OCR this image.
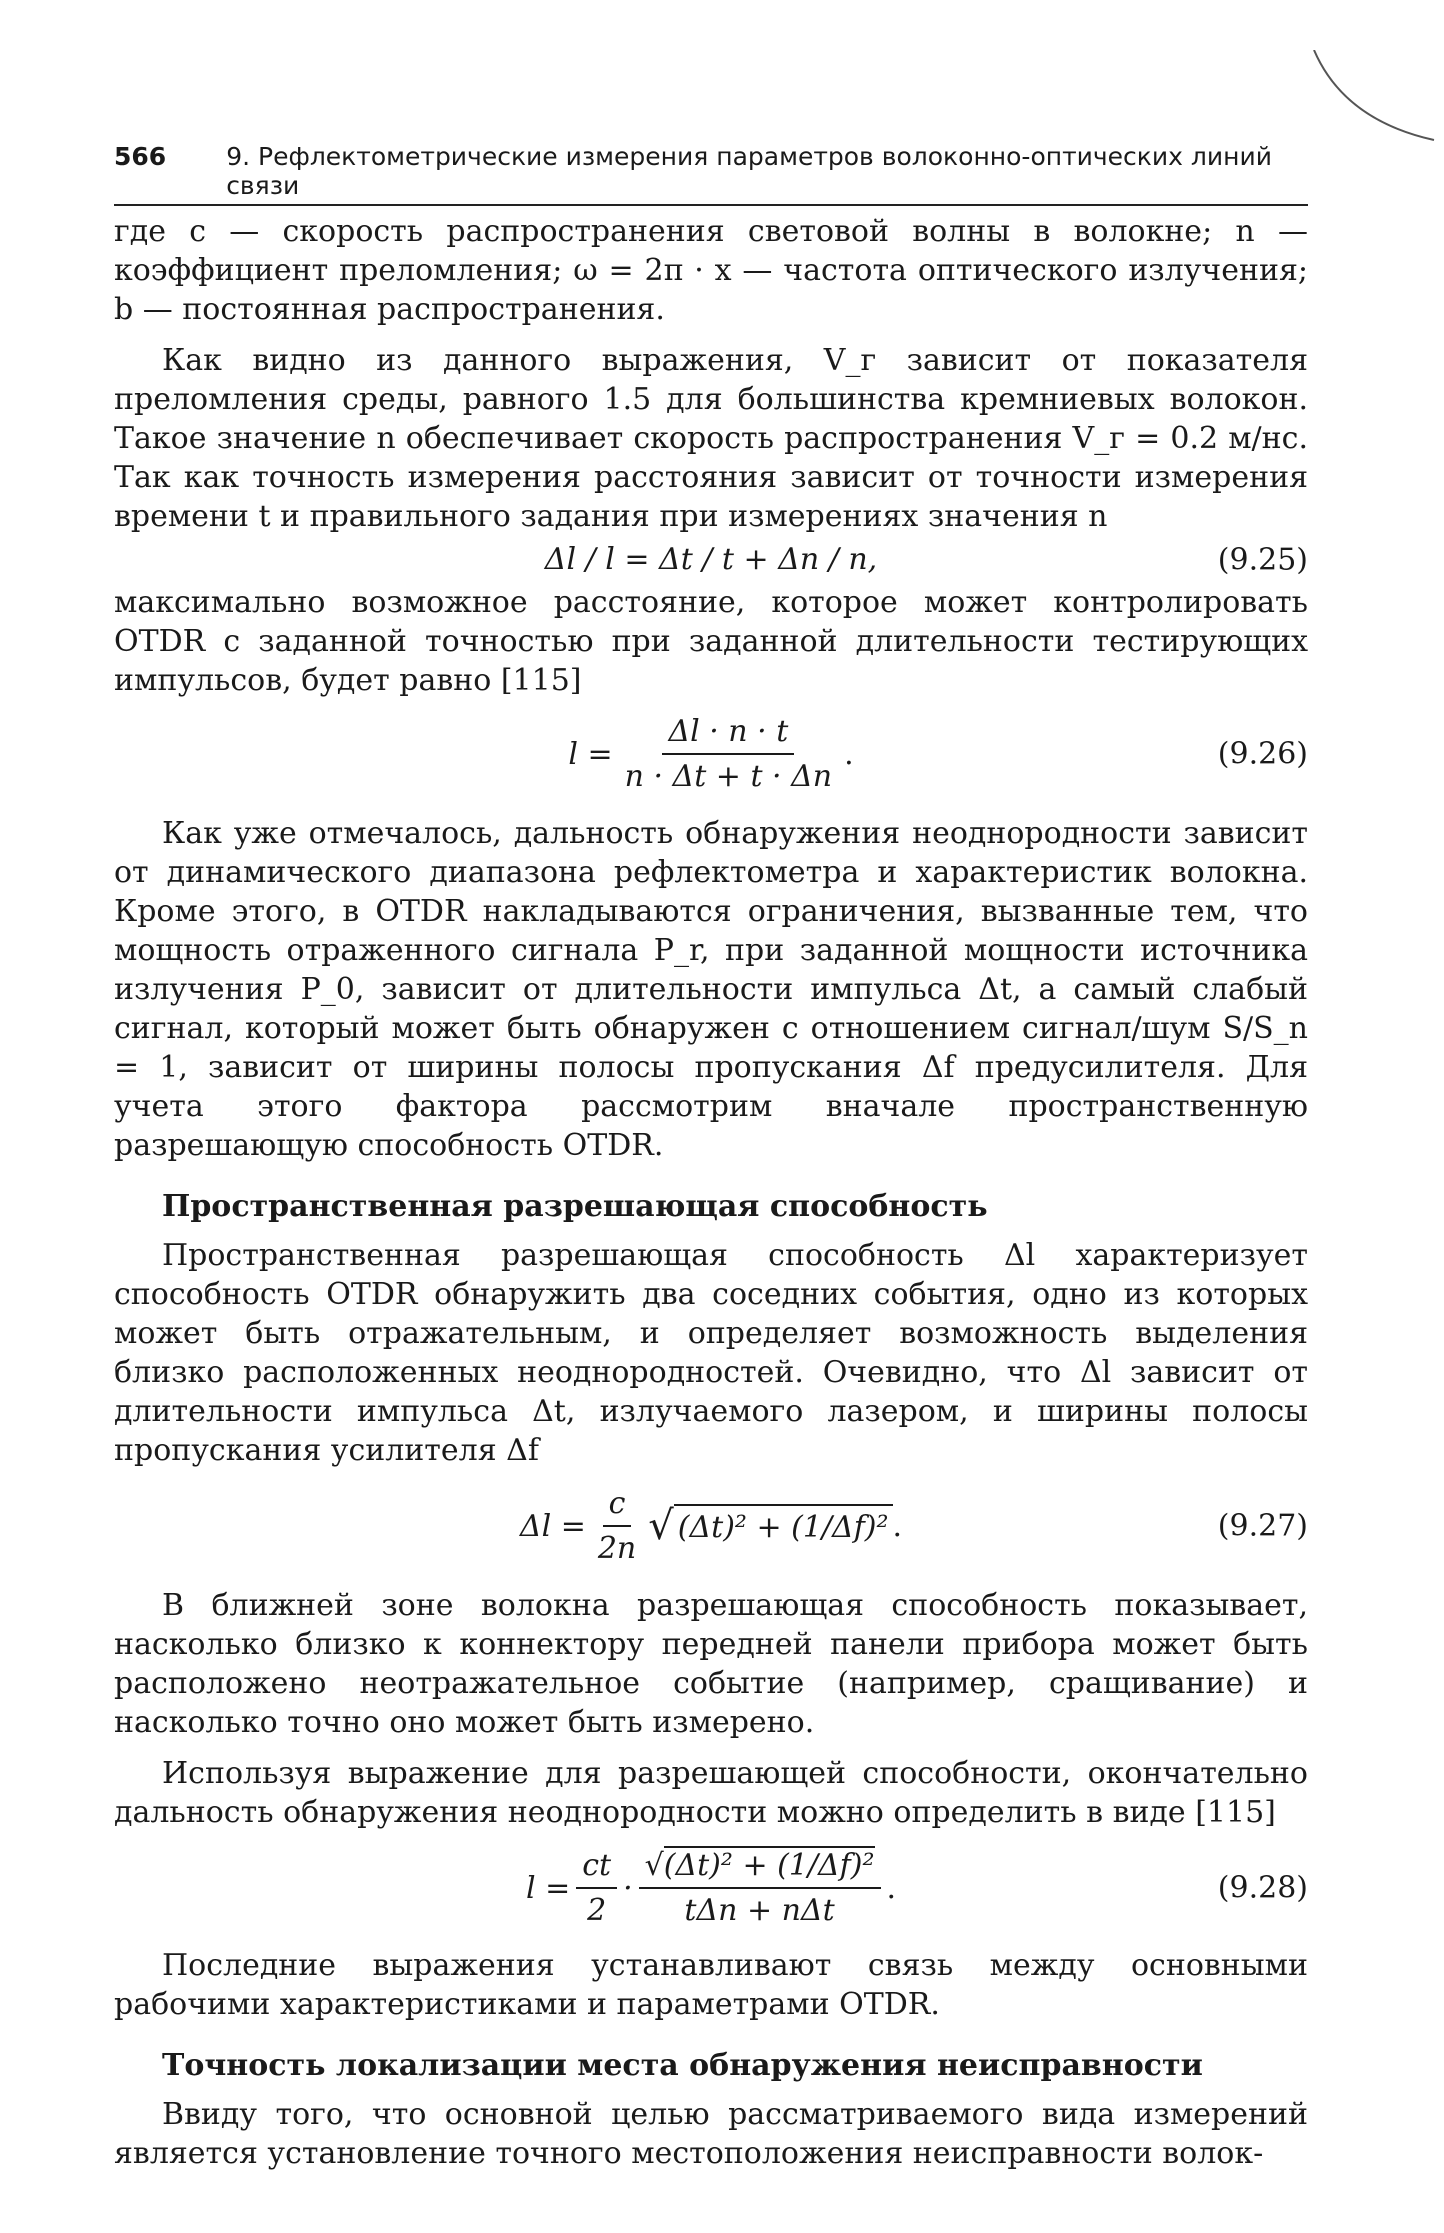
566 9. Рефлектометрические измерения параметров волоконно-оптических линий связи

где c — скорость распространения световой волны в волокне; n — коэффициент преломления; ω = 2π · x — частота оптического излучения; b — постоянная распространения.

Как видно из данного выражения, V_г зависит от показателя преломления среды, равного 1.5 для большинства кремниевых волокон. Такое значение n обеспечивает скорость распространения V_г = 0.2 м/нс. Так как точность измерения расстояния зависит от точности измерения времени t и правильного задания при измерениях значения n

Δl / l = Δt / t + Δn / n,	(9.25)

максимально возможное расстояние, которое может контролировать OTDR с заданной точностью при заданной длительности тестирующих импульсов, будет равно [115]

$l = \frac{\Delta l \cdot n \cdot t}{n \cdot \Delta t + t \cdot \Delta n}$ .	(9.26)

Как уже отмечалось, дальность обнаружения неоднородности зависит от динамического диапазона рефлектометра и характеристик волокна. Кроме этого, в OTDR накладываются ограничения, вызванные тем, что мощность отраженного сигнала P_r, при заданной мощности источника излучения P_0, зависит от длительности импульса Δt, а самый слабый сигнал, который может быть обнаружен с отношением сигнал/шум S/S_n = 1, зависит от ширины полосы пропускания Δf предусилителя. Для учета этого фактора рассмотрим вначале пространственную разрешающую способность OTDR.

Пространственная разрешающая способность

Пространственная разрешающая способность Δl характеризует способность OTDR обнаружить два соседних события, одно из которых может быть отражательным, и определяет возможность выделения близко расположенных неоднородностей. Очевидно, что Δl зависит от длительности импульса Δt, излучаемого лазером, и ширины полосы пропускания усилителя Δf

$\Delta l = \frac{c}{2n}$ √ (Δt)² + (1/Δf)² .	(9.27)

В ближней зоне волокна разрешающая способность показывает, насколько близко к коннектору передней панели прибора может быть расположено неотражательное событие (например, сращивание) и насколько точно оно может быть измерено.

Используя выражение для разрешающей способности, окончательно дальность обнаружения неоднородности можно определить в виде [115]

$l = \frac{ct}{2} \cdot \frac{\text{√(Δt)² + (1/Δf)²}}{\text{tΔn + nΔt}}$ .	(9.28)

Последние выражения устанавливают связь между основными рабочими характеристиками и параметрами OTDR.

Точность локализации места обнаружения неисправности

Ввиду того, что основной целью рассматриваемого вида измерений является установление точного местоположения неисправности волок-
